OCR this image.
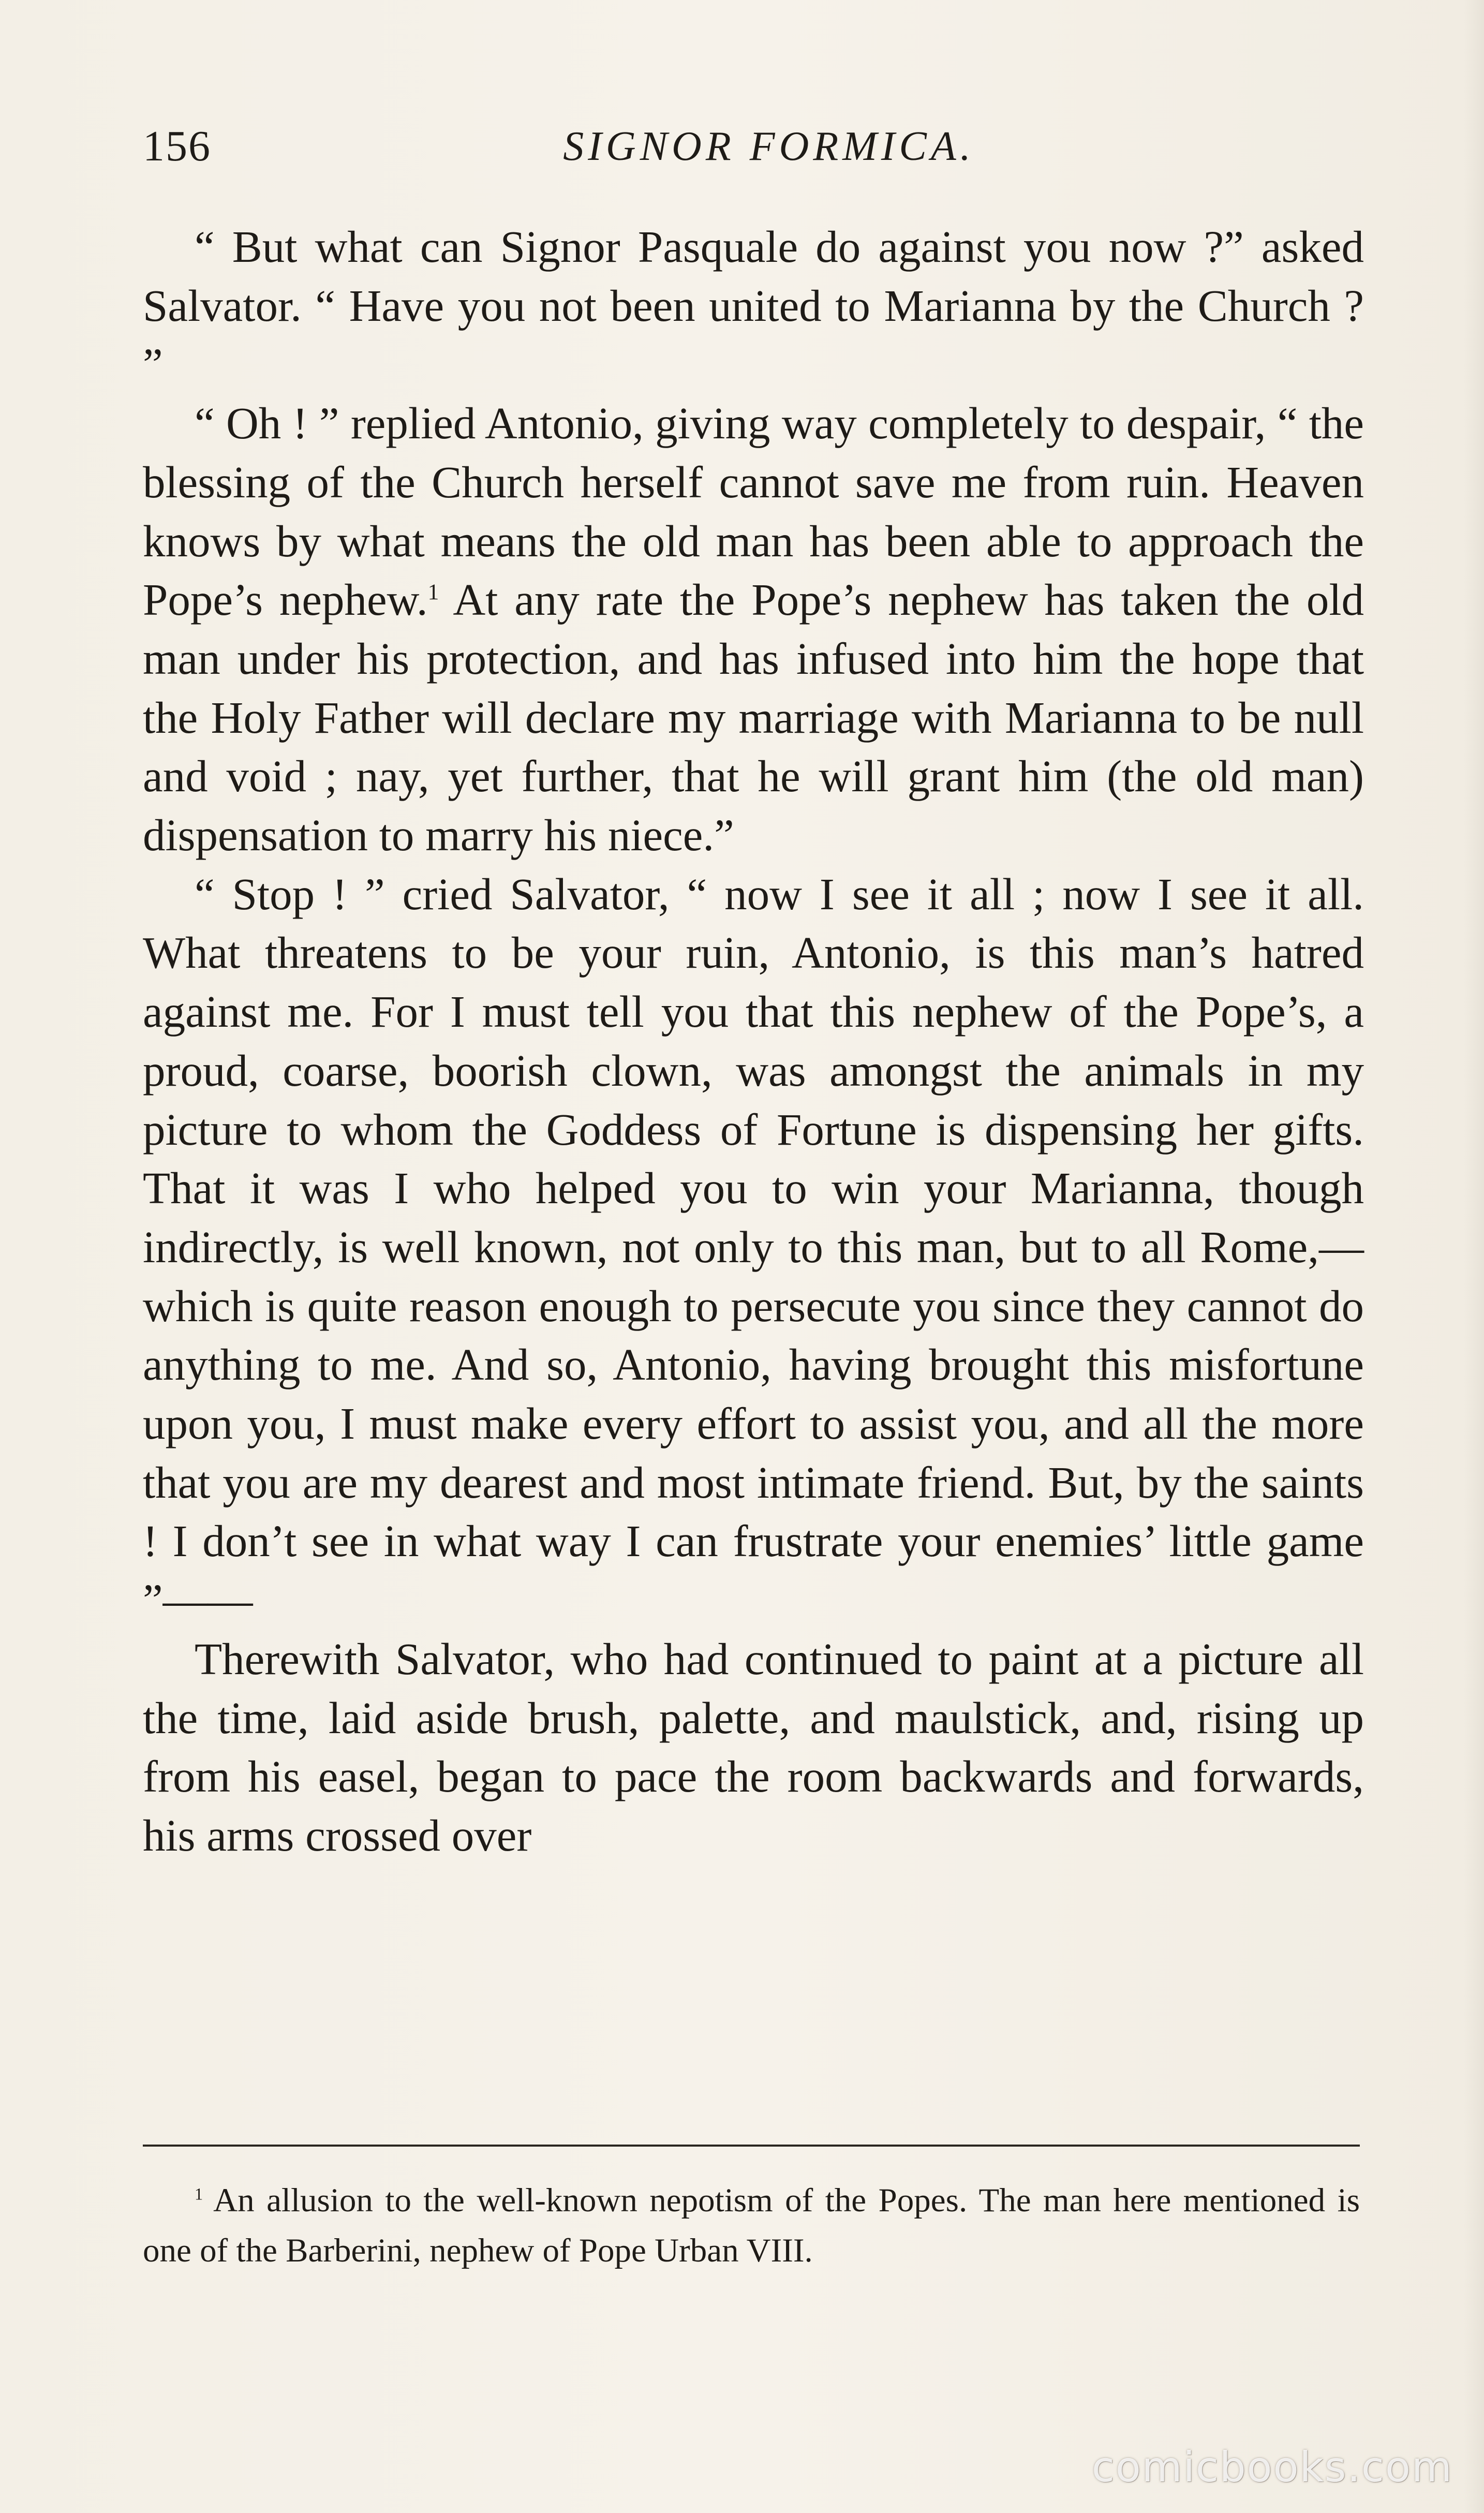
156	SIGNOR FORMICA.

“ But what can Signor Pasquale do against you now ?” asked Salvator. “ Have you not been united to Marianna by the Church ? ”

“ Oh ! ” replied Antonio, giving way completely to despair, “ the blessing of the Church herself cannot save me from ruin. Heaven knows by what means the old man has been able to approach the Pope’s nephew.$^1$ At any rate the Pope’s nephew has taken the old man under his protection, and has infused into him the hope that the Holy Father will declare my marriage with Marianna to be null and void ; nay, yet further, that he will grant him (the old man) dispensation to marry his niece.”

“ Stop ! ” cried Salvator, “ now I see it all ; now I see it all. What threatens to be your ruin, Antonio, is this man’s hatred against me. For I must tell you that this nephew of the Pope’s, a proud, coarse, boorish clown, was amongst the animals in my picture to whom the Goddess of Fortune is dispensing her gifts. That it was I who helped you to win your Marianna, though indirectly, is well known, not only to this man, but to all Rome,—which is quite reason enough to persecute you since they cannot do anything to me. And so, Antonio, having brought this misfortune upon you, I must make every effort to assist you, and all the more that you are my dearest and most intimate friend. But, by the saints ! I don’t see in what way I can frustrate your enemies’ little game ”——

Therewith Salvator, who had continued to paint at a picture all the time, laid aside brush, palette, and maulstick, and, rising up from his easel, began to pace the room backwards and forwards, his arms crossed over

$^1$ An allusion to the well-known nepotism of the Popes. The man here mentioned is one of the Barberini, nephew of Pope Urban VIII.

comicbooks.com
